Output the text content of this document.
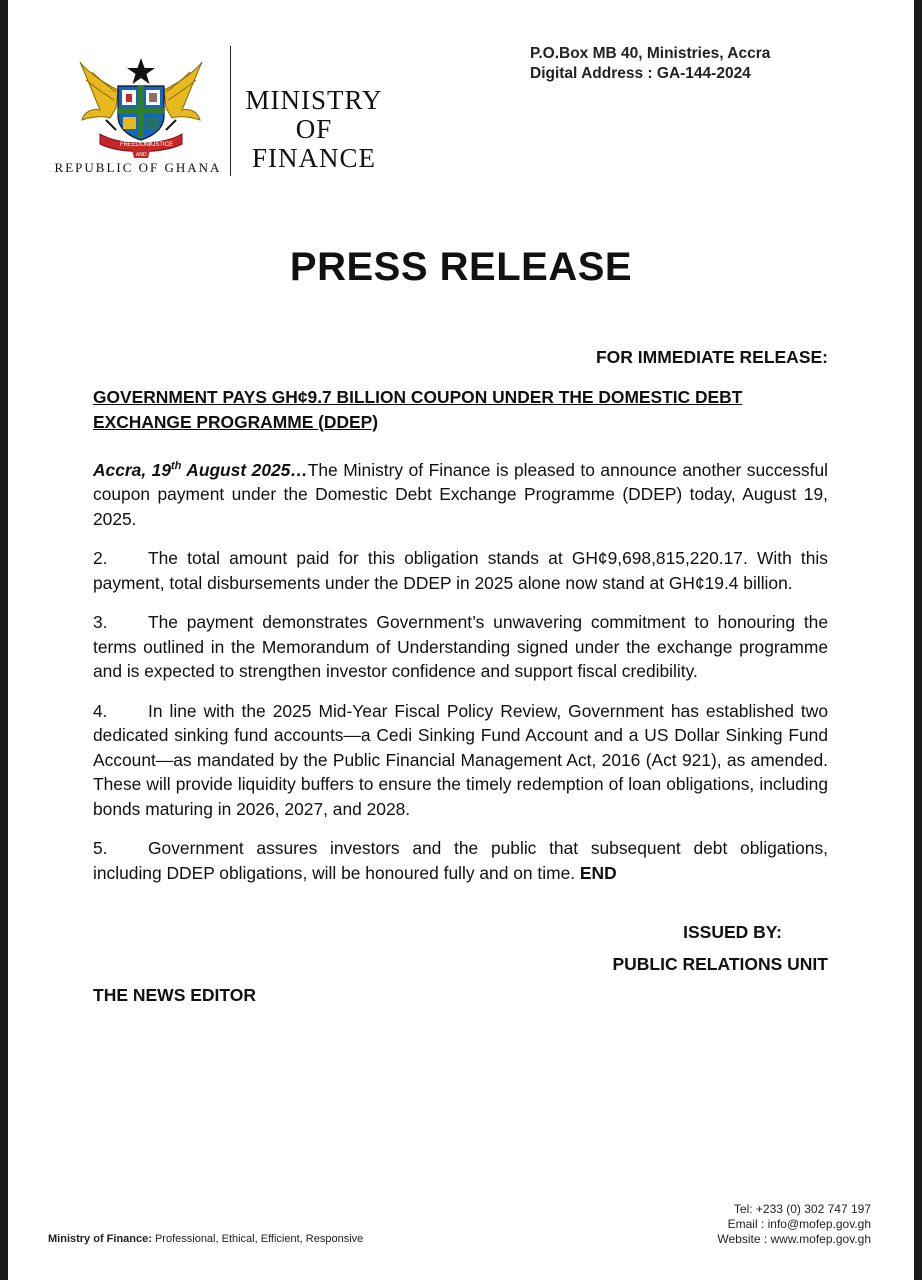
FREEDOM
JUSTICE
AND
REPUBLIC OF GHANA
MINISTRY
OF
FINANCE
P.O.Box MB 40, Ministries, Accra
Digital Address : GA-144-2024
PRESS RELEASE
FOR IMMEDIATE RELEASE:

GOVERNMENT PAYS GH¢9.7 BILLION COUPON UNDER THE DOMESTIC DEBT EXCHANGE PROGRAMME (DDEP)

Accra, 19th August 2025…The Ministry of Finance is pleased to announce another successful coupon payment under the Domestic Debt Exchange Programme (DDEP) today, August 19, 2025.

2. The total amount paid for this obligation stands at GH¢9,698,815,220.17. With this payment, total disbursements under the DDEP in 2025 alone now stand at GH¢19.4 billion.

3. The payment demonstrates Government’s unwavering commitment to honouring the terms outlined in the Memorandum of Understanding signed under the exchange programme and is expected to strengthen investor confidence and support fiscal credibility.

4. In line with the 2025 Mid-Year Fiscal Policy Review, Government has established two dedicated sinking fund accounts—a Cedi Sinking Fund Account and a US Dollar Sinking Fund Account—as mandated by the Public Financial Management Act, 2016 (Act 921), as amended. These will provide liquidity buffers to ensure the timely redemption of loan obligations, including bonds maturing in 2026, 2027, and 2028.

5. Government assures investors and the public that subsequent debt obligations, including DDEP obligations, will be honoured fully and on time. END

ISSUED BY:
PUBLIC RELATIONS UNIT
THE NEWS EDITOR
Tel: +233 (0) 302 747 197
Email : info@mofep.gov.gh
Website : www.mofep.gov.gh
Ministry of Finance: Professional, Ethical, Efficient, Responsive
